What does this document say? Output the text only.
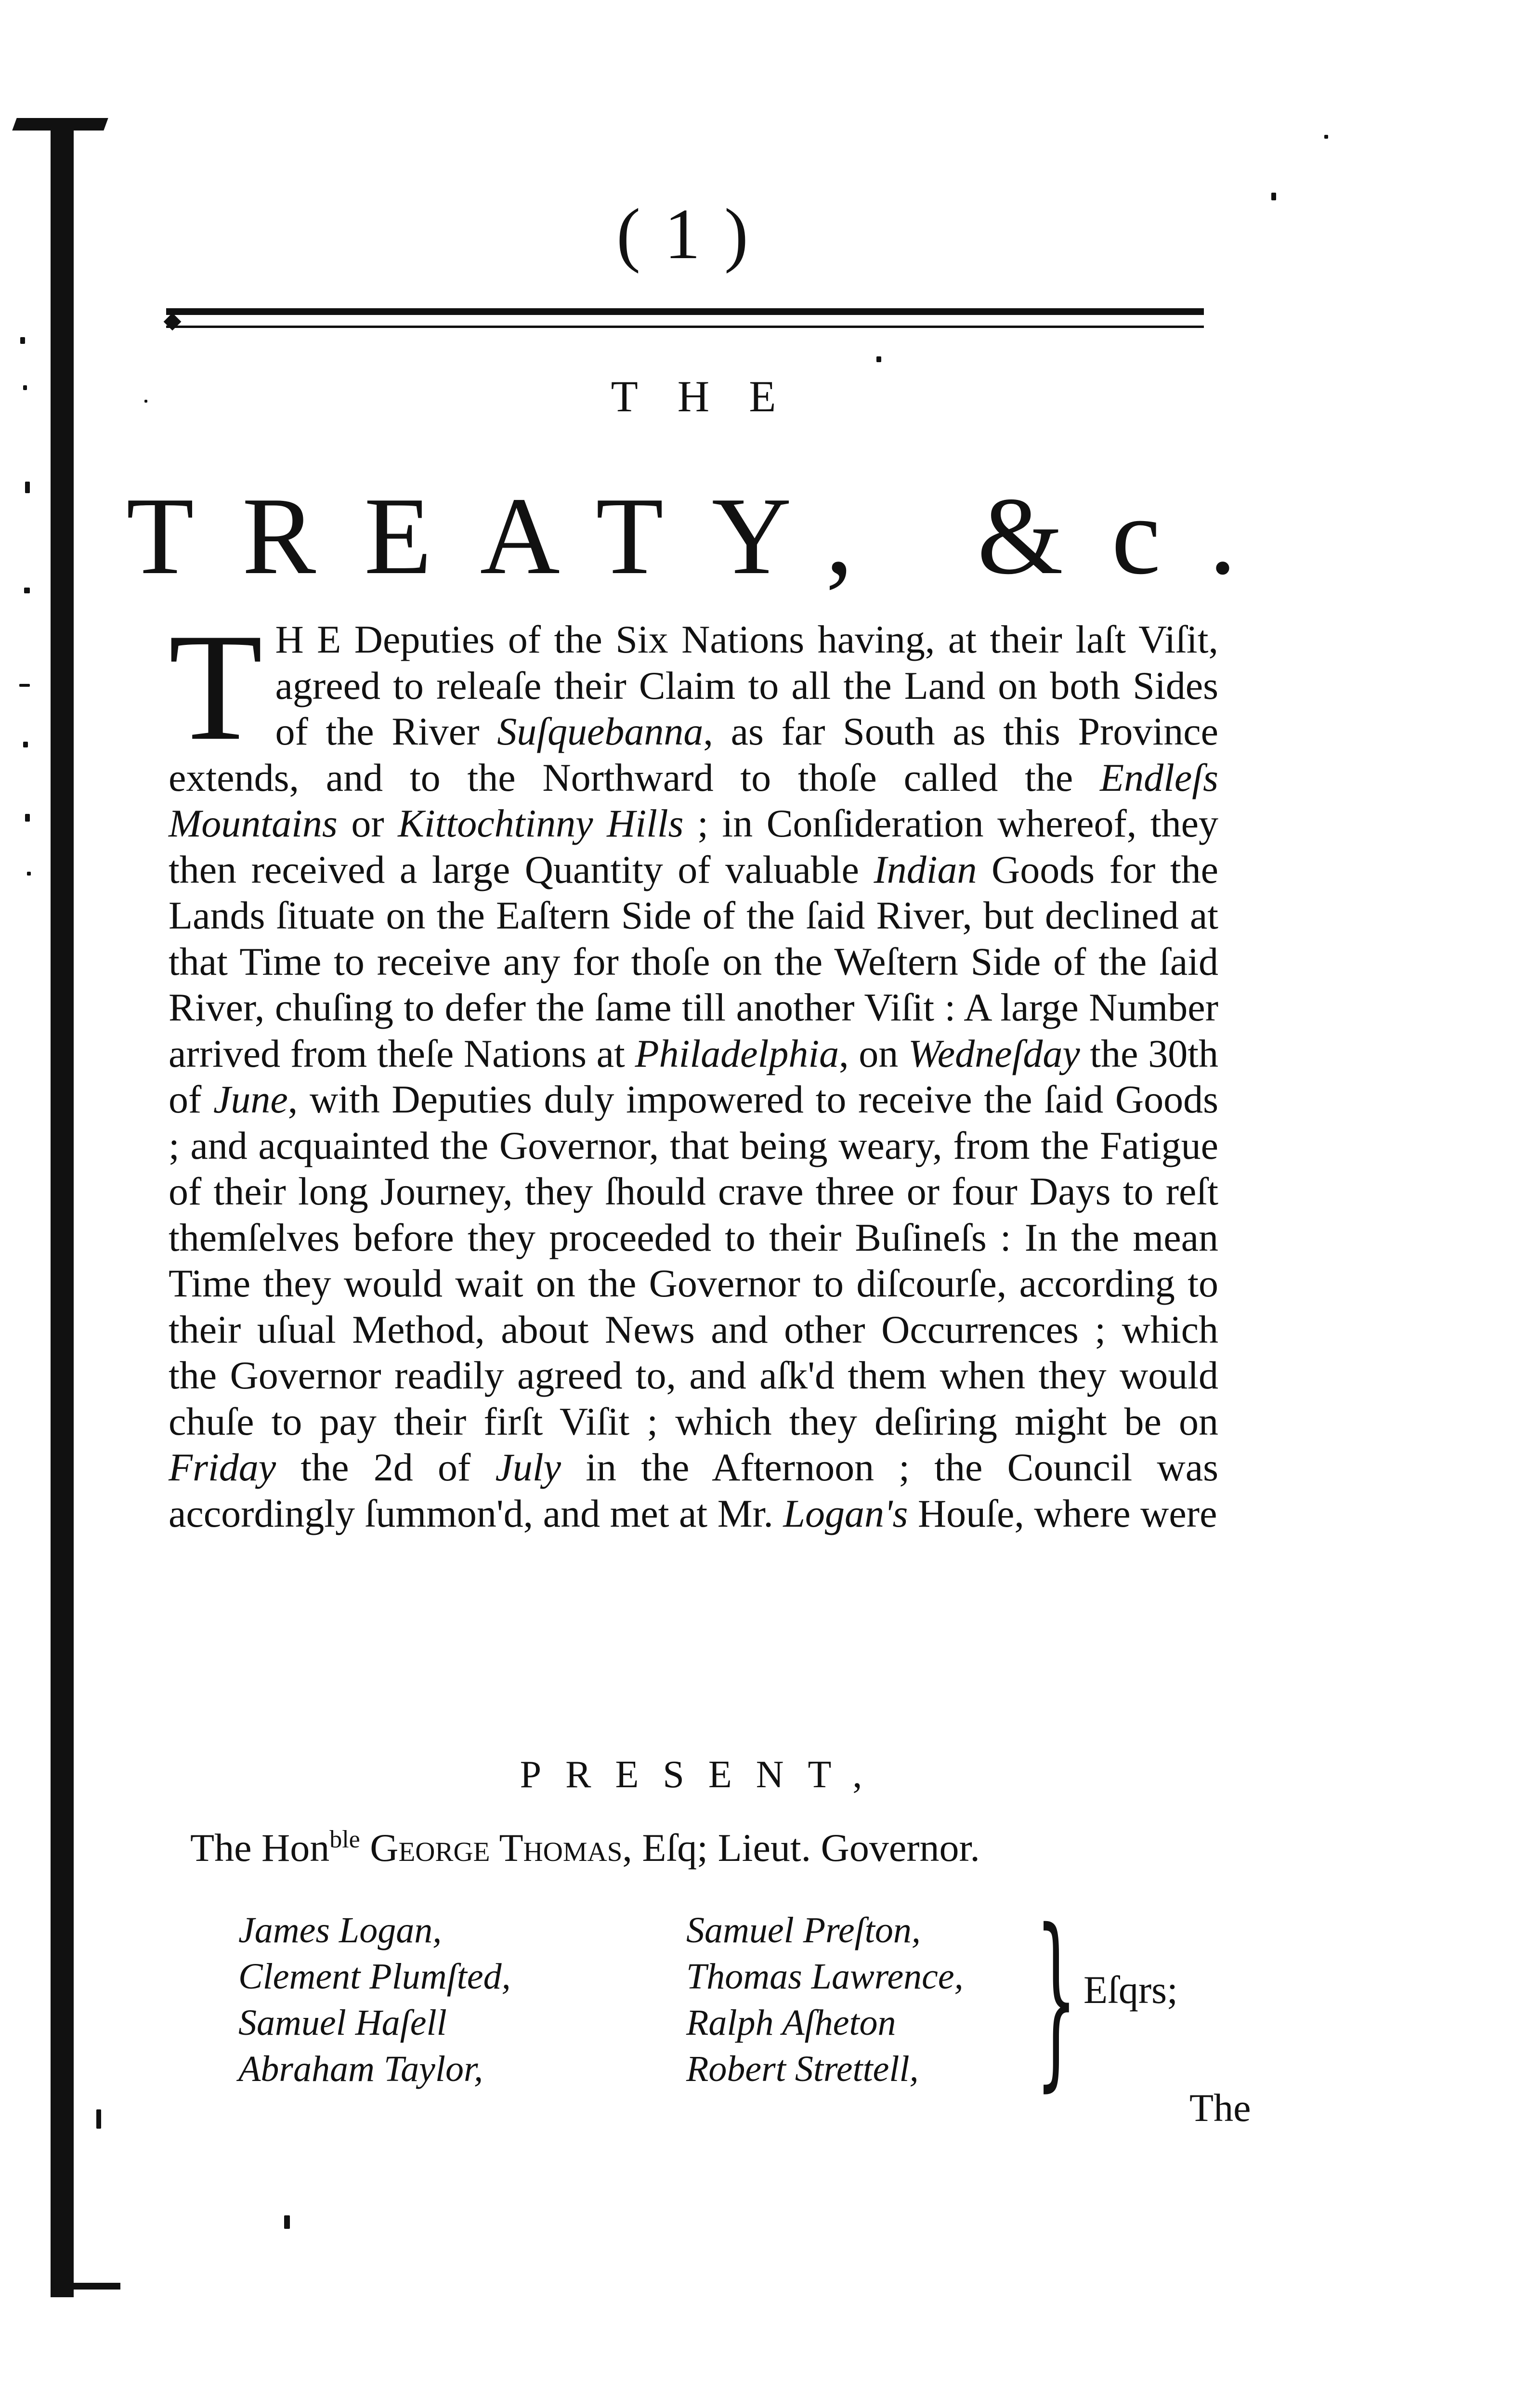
( 1 )
THE
TREATY, &c.
T H E Deputies of the Six Nations having, at their laſt Viſit, agreed to releaſe their Claim to all the Land on both Sides of the River Suſquebanna, as far South as this Province extends, and to the Northward to thoſe called the Endleſs Mountains or Kittochtinny Hills ; in Conſideration whereof, they then received a large Quantity of valuable Indian Goods for the Lands ſituate on the Eaſtern Side of the ſaid River, but declined at that Time to receive any for thoſe on the Weſtern Side of the ſaid River, chuſing to defer the ſame till another Viſit : A large Number arrived from theſe Nations at Philadelphia, on Wedneſday the 30th of June, with Deputies duly impowered to receive the ſaid Goods ; and acquainted the Governor, that being weary, from the Fatigue of their long Journey, they ſhould crave three or four Days to reſt themſelves before they proceeded to their Buſineſs : In the mean Time they would wait on the Governor to diſcourſe, according to their uſual Method, about News and other Occurrences ; which the Governor readily agreed to, and aſk'd them when they would chuſe to pay their firſt Viſit ; which they deſiring might be on Friday the 2d of July in the Afternoon ; the Council was accordingly ſummon'd, and met at Mr. Logan's Houſe, where were
PRESENT,
The Hon$^{ble}$ George Thomas, Eſq; Lieut. Governor.
James Logan,
Clement Plumſted,
Samuel Haſell
Abraham Taylor,
Samuel Preſton,
Thomas Lawrence,
Ralph Aſheton
Robert Strettell, } Eſqrs;
The
